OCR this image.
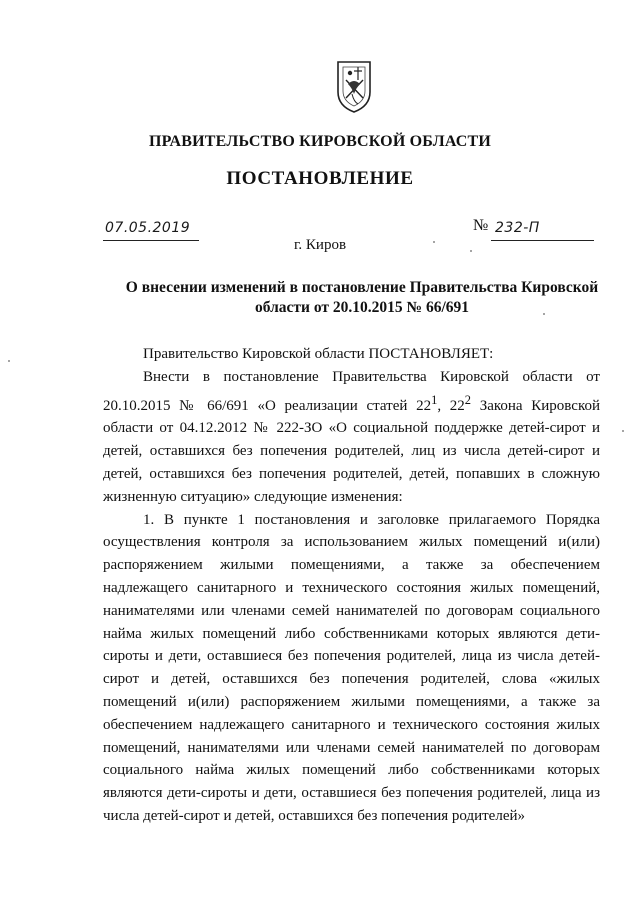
ПРАВИТЕЛЬСТВО КИРОВСКОЙ ОБЛАСТИ
ПОСТАНОВЛЕНИЕ
07.05.2019	№ 232-П
г. Киров
О внесении изменений в постановление Правительства Кировской
области от 20.10.2015 № 66/691

Правительство Кировской области ПОСТАНОВЛЯЕТ:

Внести в постановление Правительства Кировской области от 20.10.2015 № 66/691 «О реализации статей $22^1$, $22^2$ Закона Кировской области от 04.12.2012 № 222-ЗО «О социальной поддержке детей-сирот и детей, оставшихся без попечения родителей, лиц из числа детей-сирот и детей, оставшихся без попечения родителей, детей, попавших в сложную жизненную ситуацию» следующие изменения:

1. В пункте 1 постановления и заголовке прилагаемого Порядка осуществления контроля за использованием жилых помещений и(или) распоряжением жилыми помещениями, а также за обеспечением надлежащего санитарного и технического состояния жилых помещений, нанимателями или членами семей нанимателей по договорам социального найма жилых помещений либо собственниками которых являются дети-сироты и дети, оставшиеся без попечения родителей, лица из числа детей-сирот и детей, оставшихся без попечения родителей, слова «жилых помещений и(или) распоряжением жилыми помещениями, а также за обеспечением надлежащего санитарного и технического состояния жилых помещений, нанимателями или членами семей нанимателей по договорам социального найма жилых помещений либо собственниками которых являются дети-сироты и дети, оставшиеся без попечения родителей, лица из числа детей-сирот и детей, оставшихся без попечения родителей»
